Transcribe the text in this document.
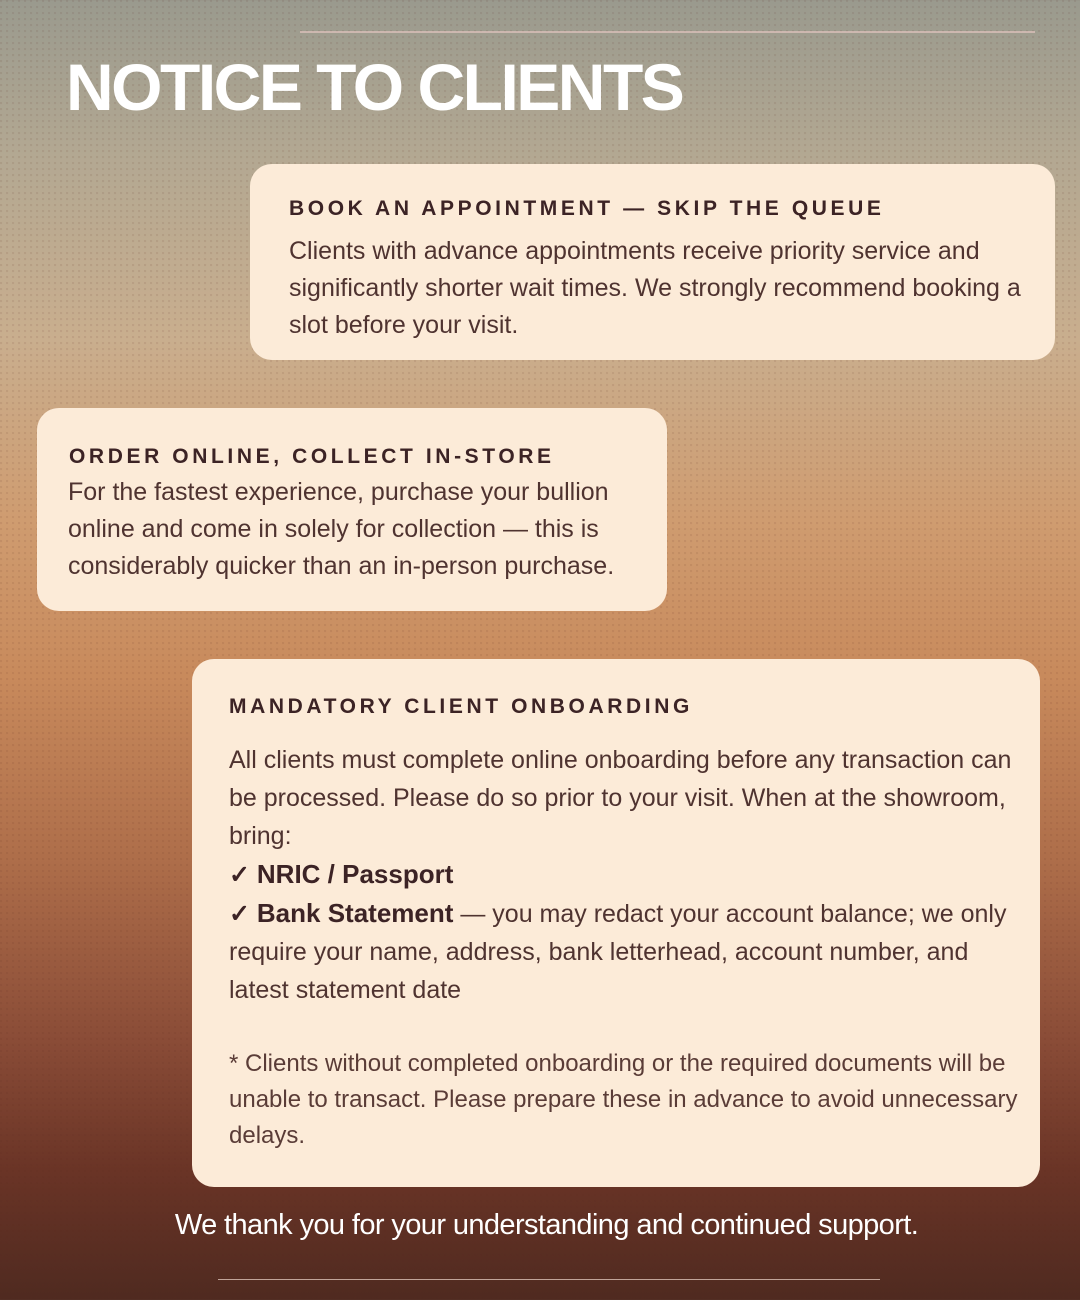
NOTICE TO CLIENTS
BOOK AN APPOINTMENT — SKIP THE QUEUE

Clients with advance appointments receive priority service and significantly shorter wait times. We strongly recommend booking a slot before your visit.

ORDER ONLINE, COLLECT IN-STORE

For the fastest experience, purchase your bullion online and come in solely for collection — this is considerably quicker than an in-person purchase.

MANDATORY CLIENT ONBOARDING

All clients must complete online onboarding before any transaction can be processed. Please do so prior to your visit. When at the showroom, bring:

✓ NRIC / Passport

✓ Bank Statement — you may redact your account balance; we only require your name, address, bank letterhead, account number, and latest statement date

* Clients without completed onboarding or the required documents will be unable to transact. Please prepare these in advance to avoid unnecessary delays.

We thank you for your understanding and continued support.
